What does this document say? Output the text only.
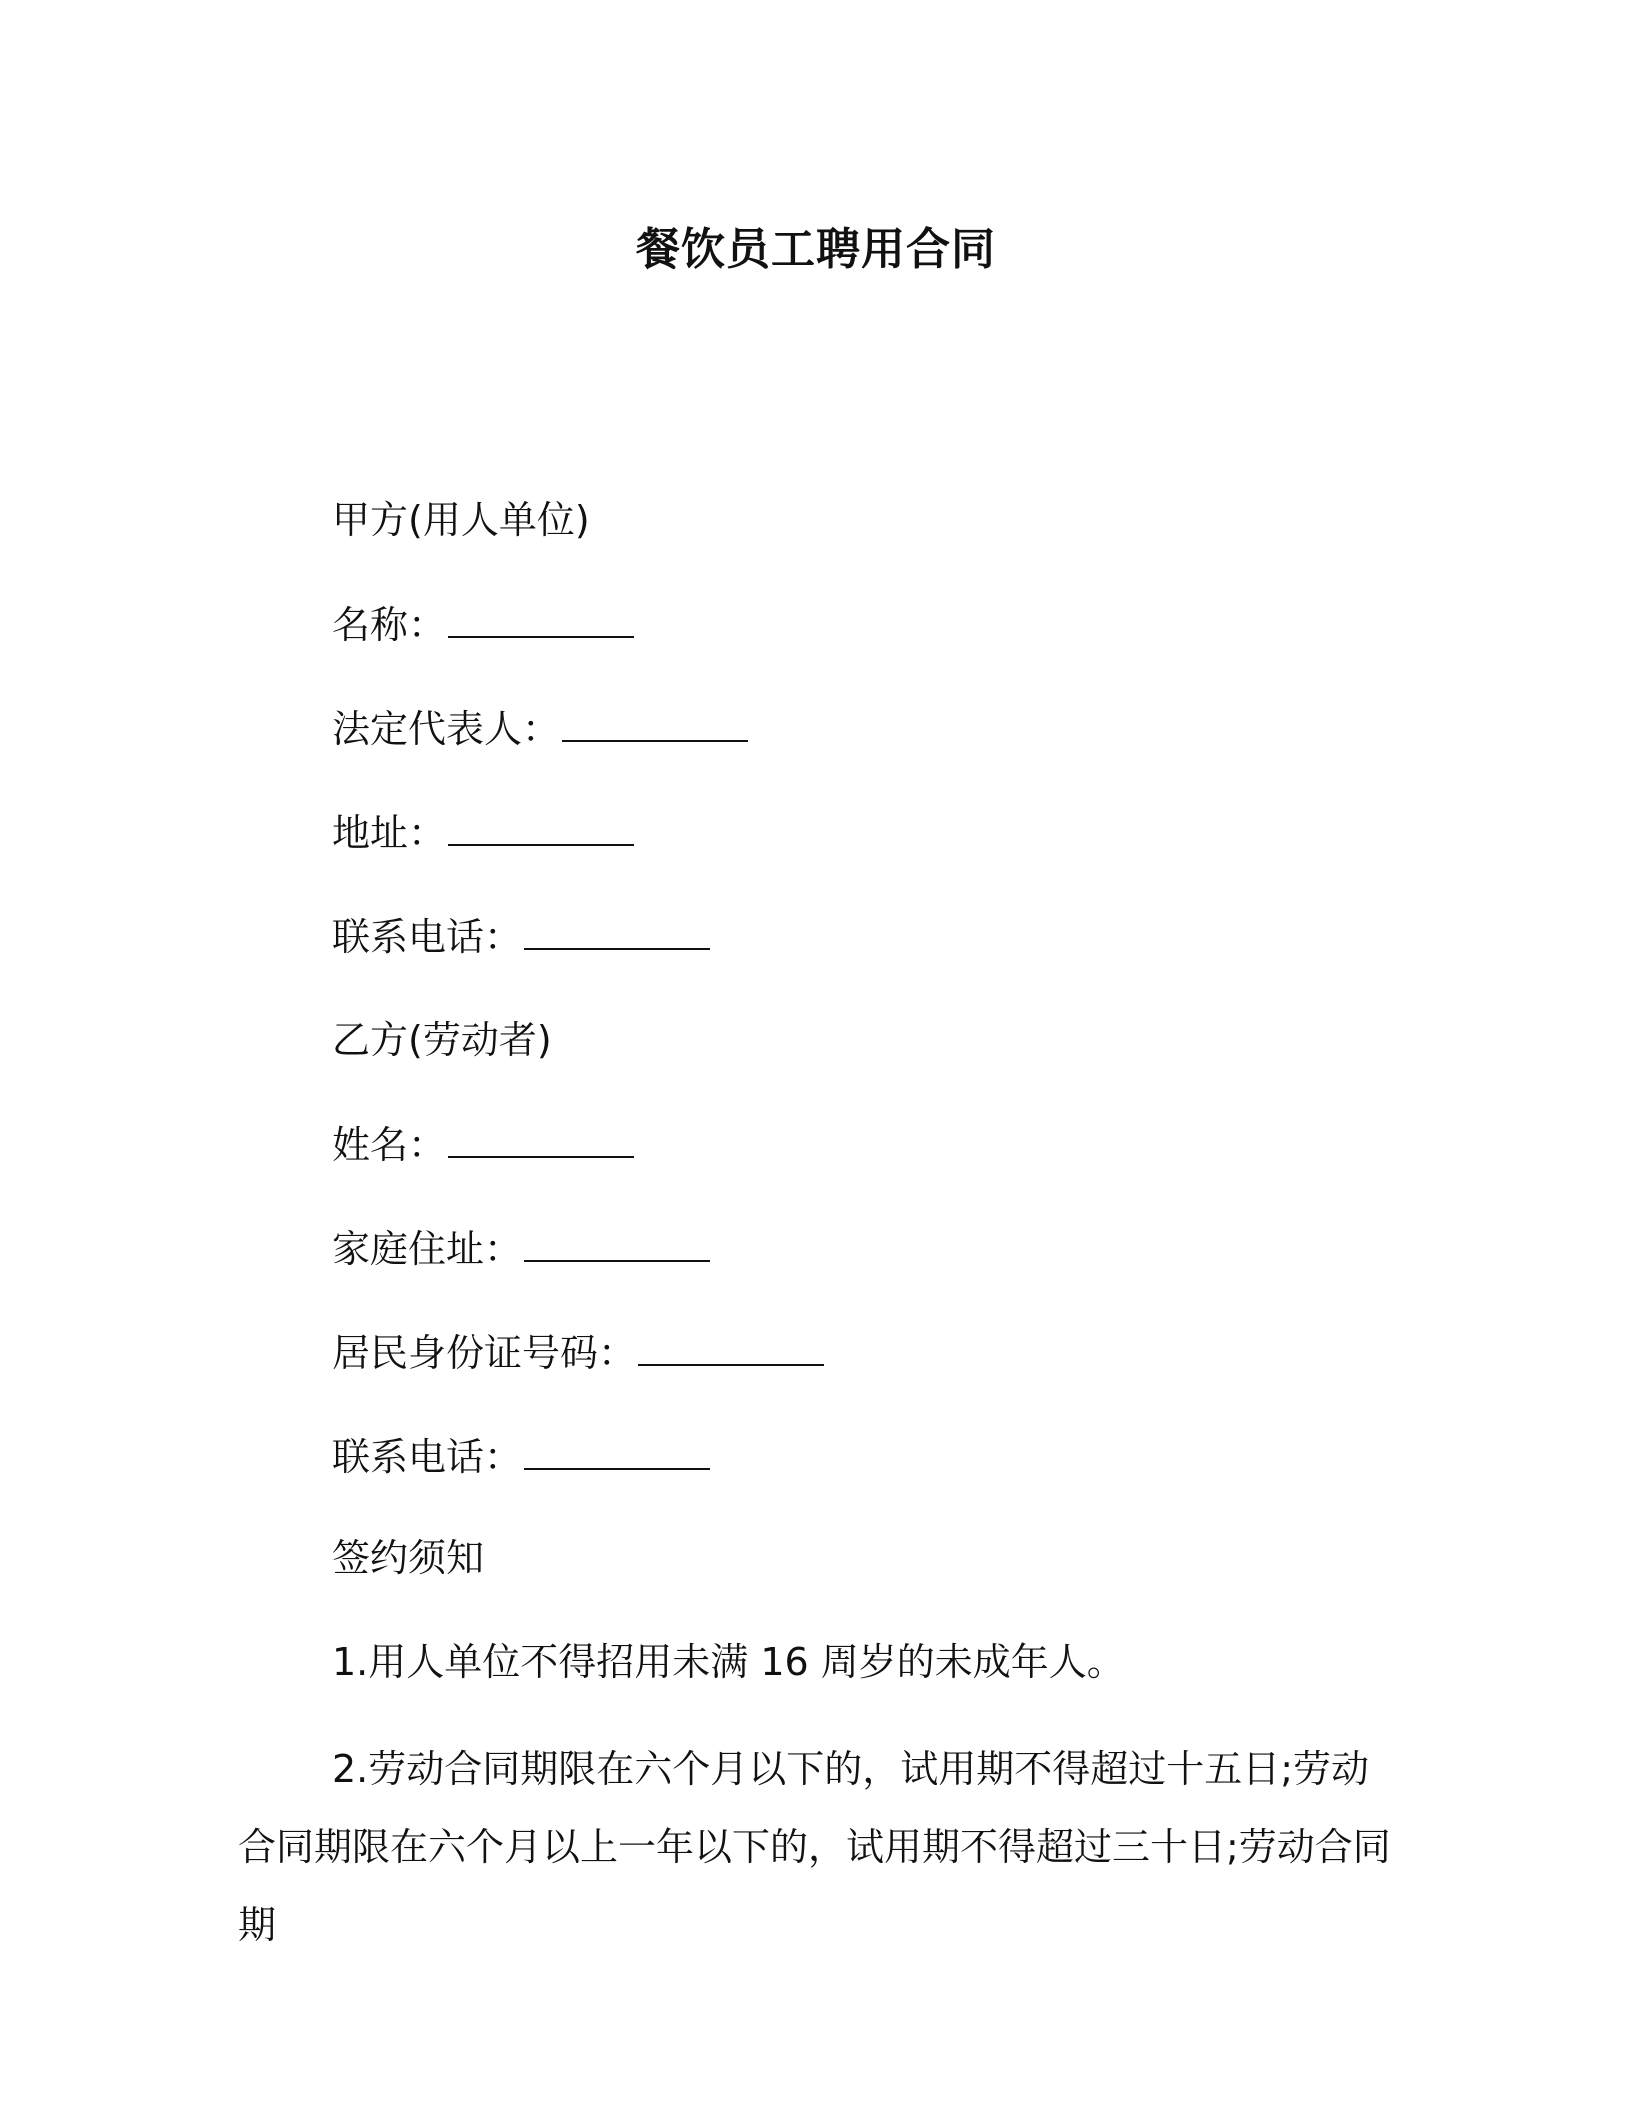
餐饮员工聘用合同
甲方(用人单位)
名称：
法定代表人：
地址：
联系电话：
乙方(劳动者)
姓名：
家庭住址：
居民身份证号码：
联系电话：
签约须知

1.用人单位不得招用未满 16 周岁的未成年人。

2.劳动合同期限在六个月以下的，试用期不得超过十五日;劳动合同期限在六个月以上一年以下的，试用期不得超过三十日;劳动合同期
